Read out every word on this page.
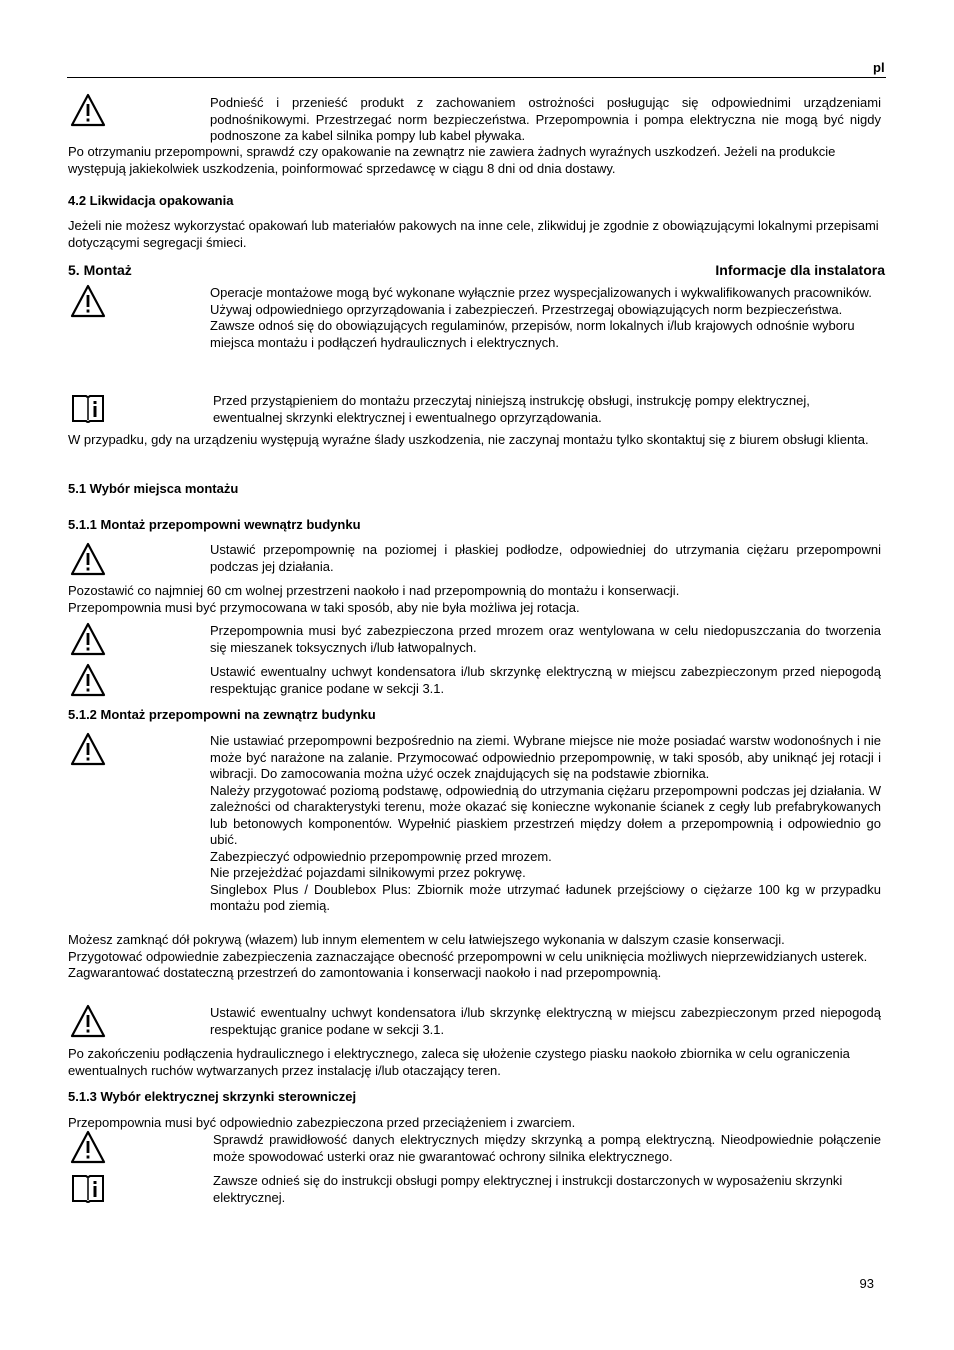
pl

Podnieść i przenieść produkt z zachowaniem ostrożności posługując się odpowiednimi urządzeniami podnośnikowymi. Przestrzegać norm bezpieczeństwa. Przepompownia i pompa elektryczna nie mogą być nigdy podnoszone za kabel silnika pompy lub kabel pływaka.

Po otrzymaniu przepompowni, sprawdź czy opakowanie na zewnątrz nie zawiera żadnych wyraźnych uszkodzeń. Jeżeli na produkcie występują jakiekolwiek uszkodzenia, poinformować sprzedawcę w ciągu 8 dni od dnia dostawy.
4.2 Likwidacja opakowania
Jeżeli nie możesz wykorzystać opakowań lub materiałów pakowych na inne cele, zlikwiduj je zgodnie z obowiązującymi lokalnymi przepisami dotyczącymi segregacji śmieci.
5. Montaż	Informacje dla instalatora

Operacje montażowe mogą być wykonane wyłącznie przez wyspecjalizowanych i wykwalifikowanych pracowników.

Używaj odpowiedniego oprzyrządowania i zabezpieczeń. Przestrzegaj obowiązujących norm bezpieczeństwa.

Zawsze odnoś się do obowiązujących regulaminów, przepisów, norm lokalnych i/lub krajowych odnośnie wyboru miejsca montażu i podłączeń hydraulicznych i elektrycznych.

Przed przystąpieniem do montażu przeczytaj niniejszą instrukcję obsługi, instrukcję pompy elektrycznej, ewentualnej skrzynki elektrycznej i ewentualnego oprzyrządowania.
W przypadku, gdy na urządzeniu występują wyraźne ślady uszkodzenia, nie zaczynaj montażu tylko skontaktuj się z biurem obsługi klienta.
5.1 Wybór miejsca montażu
5.1.1 Montaż przepompowni wewnątrz budynku
Ustawić przepompownię na poziomej i płaskiej podłodze, odpowiedniej do utrzymania ciężaru przepompowni podczas jej działania.

Pozostawić co najmniej 60 cm wolnej przestrzeni naokoło i nad przepompownią do montażu i konserwacji.

Przepompownia musi być przymocowana w taki sposób, aby nie była możliwa jej rotacja.

Przepompownia musi być zabezpieczona przed mrozem oraz wentylowana w celu niedopuszczania do tworzenia się mieszanek toksycznych i/lub łatwopalnych.
Ustawić ewentualny uchwyt kondensatora i/lub skrzynkę elektryczną w miejscu zabezpieczonym przed niepogodą respektując granice podane w sekcji 3.1.
5.1.2 Montaż przepompowni na zewnątrz budynku

Nie ustawiać przepompowni bezpośrednio na ziemi. Wybrane miejsce nie może posiadać warstw wodonośnych i nie może być narażone na zalanie. Przymocować odpowiednio przepompownię, w taki sposób, aby uniknąć jej rotacji i wibracji. Do zamocowania można użyć oczek znajdujących się na podstawie zbiornika.

Należy przygotować poziomą podstawę, odpowiednią do utrzymania ciężaru przepompowni podczas jej działania. W zależności od charakterystyki terenu, może okazać się konieczne wykonanie ścianek z cegły lub prefabrykowanych lub betonowych komponentów. Wypełnić piaskiem przestrzeń między dołem a przepompownią i odpowiednio go ubić.

Zabezpieczyć odpowiednio przepompownię przed mrozem.

Nie przejeżdżać pojazdami silnikowymi przez pokrywę.

Singlebox Plus / Doublebox Plus: Zbiornik może utrzymać ładunek przejściowy o ciężarze 100 kg w przypadku montażu pod ziemią.

Możesz zamknąć dół pokrywą (włazem) lub innym elementem w celu łatwiejszego wykonania w dalszym czasie konserwacji.

Przygotować odpowiednie zabezpieczenia zaznaczające obecność przepompowni w celu uniknięcia możliwych nieprzewidzianych usterek. Zagwarantować dostateczną przestrzeń do zamontowania i konserwacji naokoło i nad przepompownią.

Ustawić ewentualny uchwyt kondensatora i/lub skrzynkę elektryczną w miejscu zabezpieczonym przed niepogodą respektując granice podane w sekcji 3.1.
Po zakończeniu podłączenia hydraulicznego i elektrycznego, zaleca się ułożenie czystego piasku naokoło zbiornika w celu ograniczenia ewentualnych ruchów wytwarzanych przez instalację i/lub otaczający teren.
5.1.3 Wybór elektrycznej skrzynki sterowniczej
Przepompownia musi być odpowiednio zabezpieczona przed przeciążeniem i zwarciem.
Sprawdź prawidłowość danych elektrycznych między skrzynką a pompą elektryczną. Nieodpowiednie połączenie może spowodować usterki oraz nie gwarantować ochrony silnika elektrycznego.
Zawsze odnieś się do instrukcji obsługi pompy elektrycznej i instrukcji dostarczonych w wyposażeniu skrzynki elektrycznej.
93
